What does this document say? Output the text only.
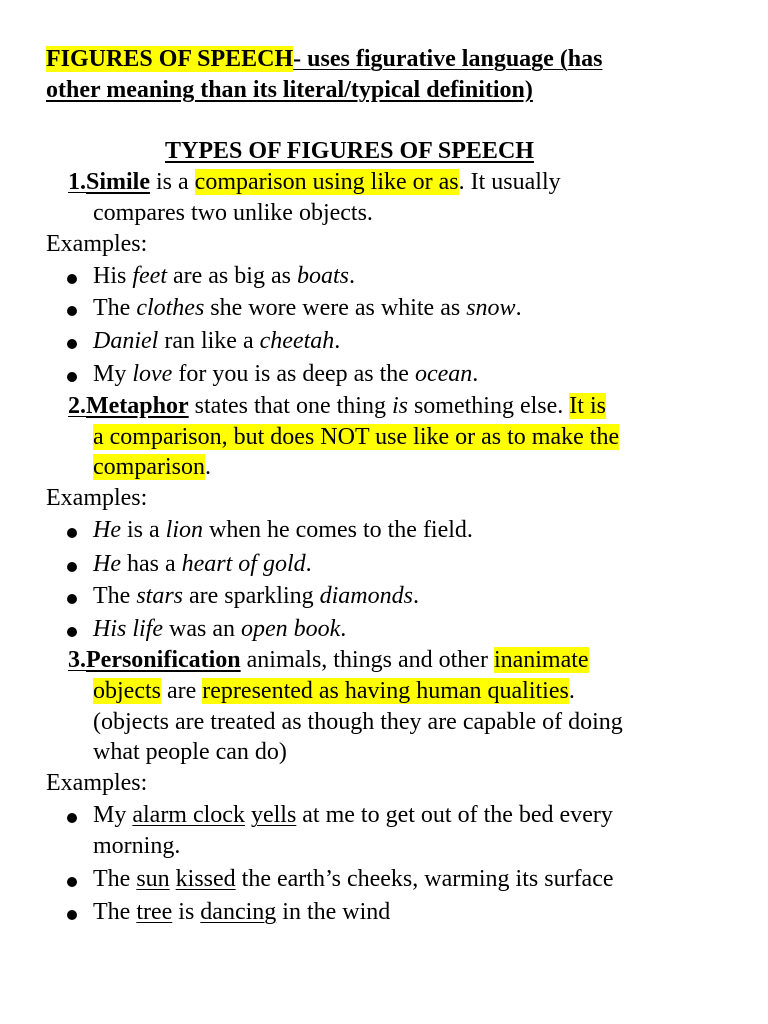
FIGURES OF SPEECH- uses figurative language (has
other meaning than its literal/typical definition)
TYPES OF FIGURES OF SPEECH
1.Simile is a comparison using like or as. It usually
compares two unlike objects.
Examples:
His feet are as big as boats.
The clothes she wore were as white as snow.
Daniel ran like a cheetah.
My love for you is as deep as the ocean.
2.Metaphor states that one thing is something else. It is
a comparison, but does NOT use like or as to make the
comparison.
Examples:
He is a lion when he comes to the field.
He has a heart of gold.
The stars are sparkling diamonds.
His life was an open book.
3.Personification animals, things and other inanimate
objects are represented as having human qualities.
(objects are treated as though they are capable of doing
what people can do)
Examples:
My alarm clock yells at me to get out of the bed every
morning.
The sun kissed the earth’s cheeks, warming its surface
The tree is dancing in the wind
